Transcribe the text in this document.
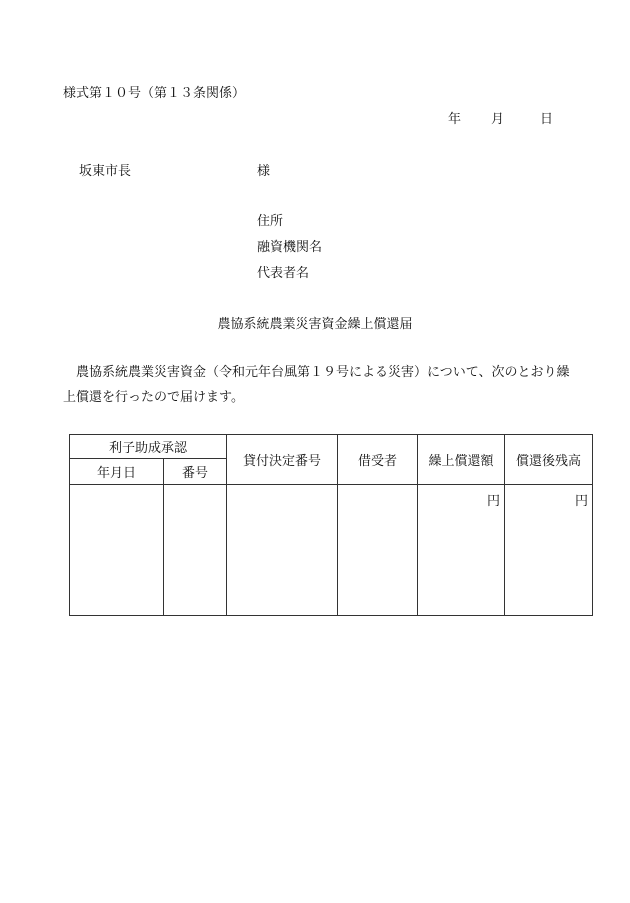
様式第１０号（第１３条関係）
年 月	日
坂東市長	様
住所
融資機関名
代表者名
農協系統農業災害資金繰上償還届
農協系統農業災害資金（令和元年台風第１９号による災害）について、次のとおり繰上償還を行ったので届けます。
利子助成承認		貸付決定番号	借受者	繰上償還額	償還後残高
年月日	番号				
				円	円
